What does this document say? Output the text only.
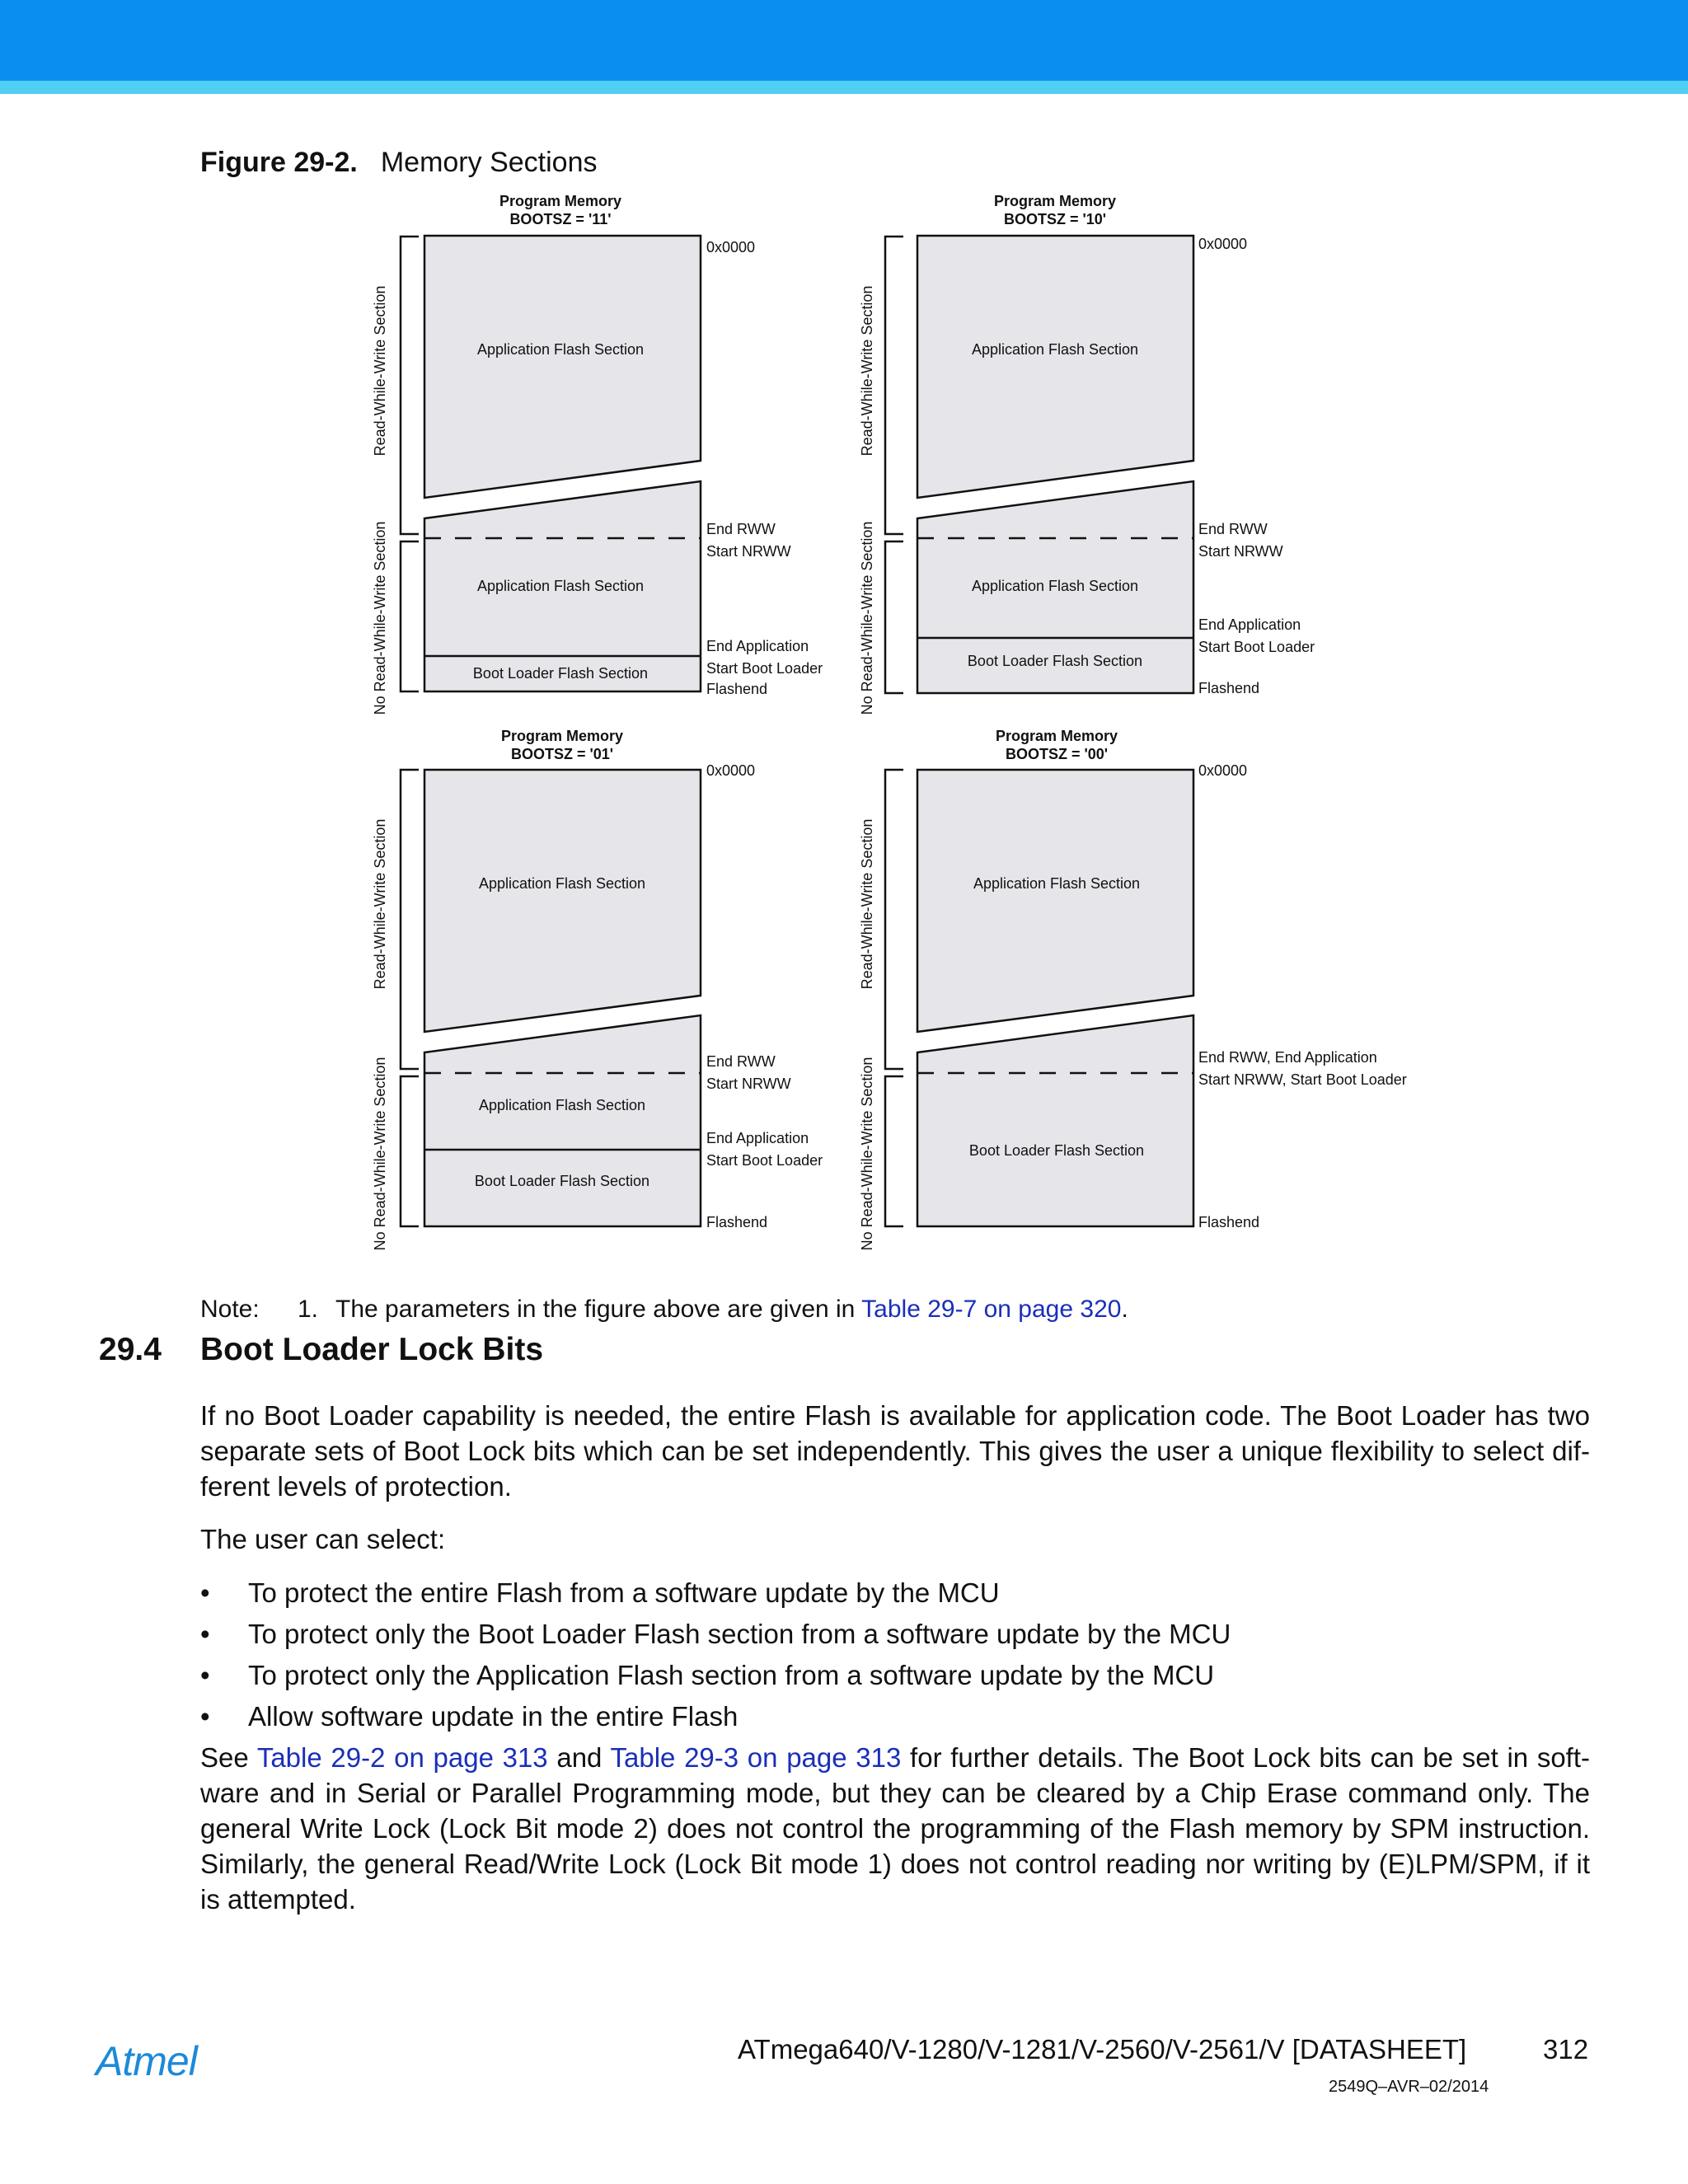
Figure 29-2. Memory Sections
Program Memory
BOOTSZ = '11'
Application Flash Section
Application Flash Section
Boot Loader Flash Section
Read-While-Write Section
No Read-While-Write Section
0x0000
End RWW
Start NRWW
End Application
Start Boot Loader
Flashend
Program Memory
BOOTSZ = '10'
Application Flash Section
Application Flash Section
Boot Loader Flash Section
Read-While-Write Section
No Read-While-Write Section
0x0000
End RWW
Start NRWW
End Application
Start Boot Loader
Flashend
Program Memory
BOOTSZ = '01'
Application Flash Section
Application Flash Section
Boot Loader Flash Section
Read-While-Write Section
No Read-While-Write Section
0x0000
End RWW
Start NRWW
End Application
Start Boot Loader
Flashend
Program Memory
BOOTSZ = '00'
Application Flash Section
Boot Loader Flash Section
Read-While-Write Section
No Read-While-Write Section
0x0000
End RWW, End Application
Start NRWW, Start Boot Loader
Flashend
Note: 1. The parameters in the figure above are given in Table 29-7 on page 320.
29.4 Boot Loader Lock Bits

If no Boot Loader capability is needed, the entire Flash is available for application code. The Boot Loader has two separate sets of Boot Lock bits which can be set independently. This gives the user a unique flexibility to select dif-ferent levels of protection.

The user can select:

• To protect the entire Flash from a software update by the MCU
• To protect only the Boot Loader Flash section from a software update by the MCU
• To protect only the Application Flash section from a software update by the MCU
• Allow software update in the entire Flash

See Table 29-2 on page 313 and Table 29-3 on page 313 for further details. The Boot Lock bits can be set in soft-ware and in Serial or Parallel Programming mode, but they can be cleared by a Chip Erase command only. The general Write Lock (Lock Bit mode 2) does not control the programming of the Flash memory by SPM instruction. Similarly, the general Read/Write Lock (Lock Bit mode 1) does not control reading nor writing by (E)LPM/SPM, if it is attempted.

Atmel	ATmega640/V-1280/V-1281/V-2560/V-2561/V [DATASHEET]	312
2549Q–AVR–02/2014
